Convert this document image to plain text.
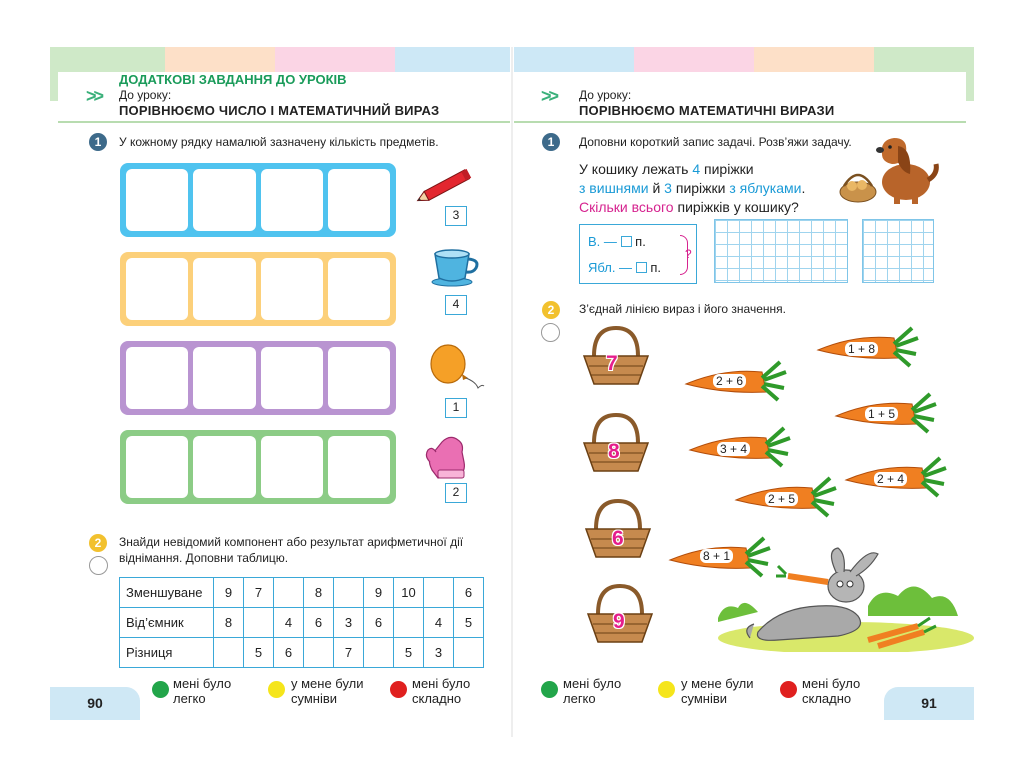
>>
ДОДАТКОВІ ЗАВДАННЯ ДО УРОКІВ
До уроку:
ПОРІВНЮЄМО ЧИСЛО І МАТЕМАТИЧНИЙ ВИРАЗ
>> До уроку:
ПОРІВНЮЄМО МАТЕМАТИЧНІ ВИРАЗИ
1	У кожному рядку намалюй зазначену кількість предметів.
3
4
1
2
2	Знайди невідомий компонент або результат арифметичної дії
віднімання. Доповни таблицю.
Зменшуване	9	7		8		9	10		6
Від’ємник	8		4	6	3	6		4	5
Різниця		5	6		7		5	3	
90
мені було
легко
у мене були
сумніви
мені було
складно
1	Доповни короткий запис задачі. Розв’яжи задачу.
У кошику лежать 4 пиріжки
з вишнями й 3 пиріжки з яблуками.
Скільки всього пиріжків у кошику?
В. — п.
Ябл. — п.
?
2	З’єднай лінією вираз і його значення.
7
8
6
9
1 + 8
2 + 6
1 + 5
3 + 4
2 + 4
2 + 5
8 + 1
91
мені було
легко
у мене були
сумніви
мені було
складно
